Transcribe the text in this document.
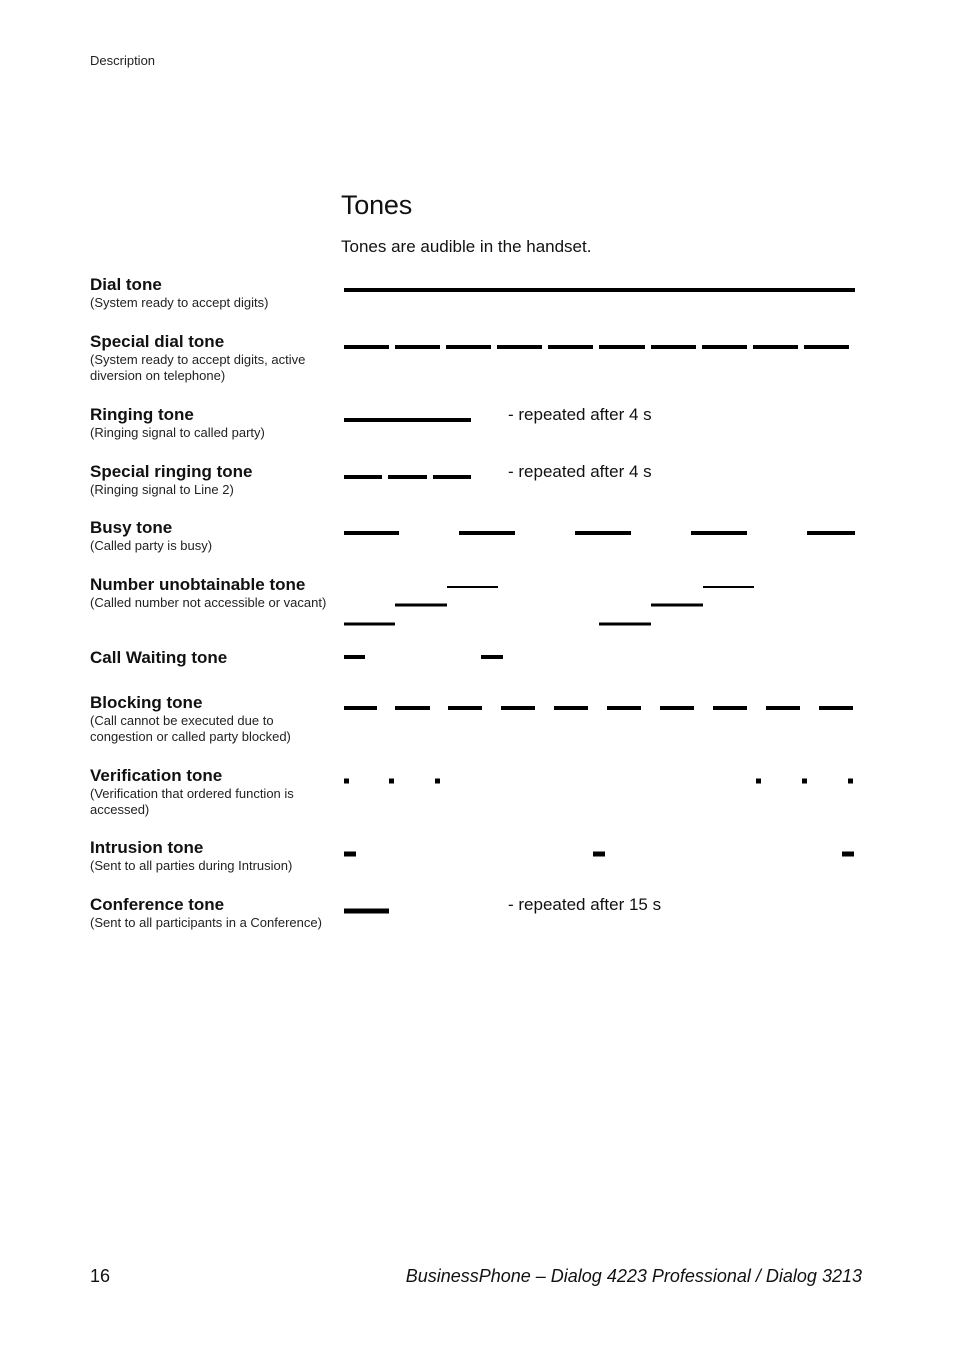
Description
Tones
Tones are audible in the handset.
Dial tone
(System ready to accept digits)
Special dial tone
(System ready to accept digits, active diversion on telephone)
Ringing tone
(Ringing signal to called party)
Special ringing tone
(Ringing signal to Line 2)
Busy tone
(Called party is busy)
Number unobtainable tone
(Called number not accessible or vacant)
Call Waiting tone
Blocking tone
(Call cannot be executed due to congestion or called party blocked)
Verification tone
(Verification that ordered function is accessed)
Intrusion tone
(Sent to all parties during Intrusion)
Conference tone
(Sent to all participants in a Conference)
- repeated after 4 s
- repeated after 4 s
- repeated after 15 s
16	BusinessPhone – Dialog 4223 Professional / Dialog 3213
